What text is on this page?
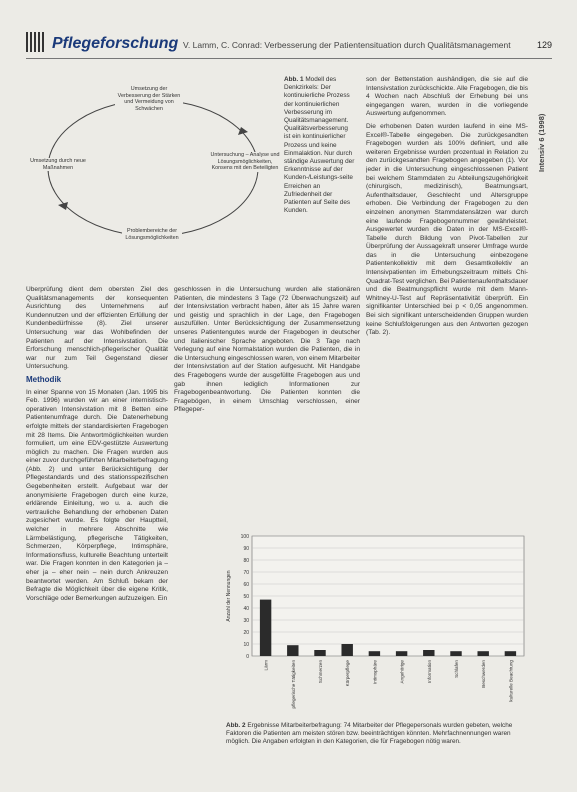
Pflegeforschung V. Lamm, C. Conrad: Verbesserung der Patientensituation durch Qualitätsmanagement	129
Intensiv 6 (1998)
Umsetzung der Verbesserung der Stärken und Vermeidung von Schwächen
Umsetzung durch neue Maßnahmen
Untersuchung – Analyse und Lösungsmöglichkeiten, Konsens mit den Beteiligten
Problembereiche der Lösungsmöglichkeiten
Abb. 1 Modell des Denkzirkels: Der kontinuierliche Prozess der kontinuierlichen Verbesserung im Qualitätsmanagement. Qualitätsverbesserung ist ein kontinuierlicher Prozess und keine Einmalaktion. Nur durch ständige Auswertung der Erkenntnisse auf der Kunden-/Leistungs-seite Erreichen an Zufriedenheit der Patienten auf Seite des Kunden.

Überprüfung dient dem obersten Ziel des Qualitätsmanagements der konsequenten Ausrichtung des Unternehmens auf Kundennutzen und der effizienten Erfüllung der Kundenbedürfnisse (8). Ziel unserer Untersuchung war das Wohlbefinden der Patienten auf der Intensivstation. Die Erforschung menschlich-pflegerischer Qualität war nur zum Teil Gegenstand dieser Untersuchung.

Methodik

In einer Spanne von 15 Monaten (Jan. 1995 bis Feb. 1996) wurden wir an einer internistisch-operativen Intensivstation mit 8 Betten eine Patientenumfrage durch. Die Datenerhebung erfolgte mittels der standardisierten Fragebogen mit 28 Items. Die Antwortmöglichkeiten wurden formuliert, um eine EDV-gestützte Auswertung möglich zu machen. Die Fragen wurden aus einer zuvor durchgeführten Mitarbeiterbefragung (Abb. 2) und unter Berücksichtigung der Pflegestandards und des stationsspezifischen Gegebenheiten erstellt. Aufgebaut war der anonymisierte Fragebogen durch eine kurze, erklärende Einleitung, wo u. a. auch die vertrauliche Behandlung der erhobenen Daten zugesichert wurde. Es folgte der Hauptteil, welcher in mehrere Abschnitte wie Lärmbelästigung, pflegerische Tätigkeiten, Schmerzen, Körperpflege, Intimsphäre, Informationsfluss, kulturelle Beachtung unterteilt war. Die Fragen konnten in den Kategorien ja – eher ja – eher nein – nein durch Ankreuzen beantwortet werden. Am Schluß bekam der Befragte die Möglichkeit über die eigene Kritik, Vorschläge oder Bemerkungen aufzuzeigen. Ein

geschlossen in die Untersuchung wurden alle stationären Patienten, die mindestens 3 Tage (72 Überwachungszeit) auf der Intensivstation verbracht haben, älter als 15 Jahre waren und geistig und sprachlich in der Lage, den Fragebogen auszufüllen. Unter Berücksichtigung der Zusammensetzung unseres Patientengutes wurde der Fragebogen in deutscher und italienischer Sprache angeboten. Die 3 Tage nach Verlegung auf eine Normalstation wurden die Patienten, die in die Untersuchung eingeschlossen waren, von einem Mitarbeiter der Intensivstation auf der Station aufgesucht. Mit Handgabe des Fragebogens wurde der ausgefüllte Fragebogen aus und gab ihnen lediglich Informationen zur Fragebogenbeantwortung. Die Patienten konnten die Fragebögen, in einem Umschlag verschlossen, einer Pflegeper-

son der Bettenstation aushändigen, die sie auf die Intensivstation zurückschickte. Alle Fragebogen, die bis 4 Wochen nach Abschluß der Erhebung bei uns eingegangen waren, wurden in die vorliegende Auswertung aufgenommen.

Die erhobenen Daten wurden laufend in eine MS-Excel®-Tabelle eingegeben. Die zurückgesandten Fragebogen wurden als 100% definiert, und alle weiteren Ergebnisse wurden prozentual in Relation zu den zurückgesandten Fragebogen angegeben (1). Vor jeder in die Untersuchung eingeschlossenen Patient bei welchem Stammdaten zu Abteilungszugehörigkeit (chirurgisch, medizinisch), Beatmungsart, Aufenthaltsdauer, Geschlecht und Altersgruppe erhoben. Die Verbindung der Fragebogen zu den einzelnen anonymen Stammdatensätzen war durch eine laufende Fragebogennummer gewährleistet. Ausgewertet wurden die Daten in der MS-Excel®-Tabelle durch Bildung von Pivot-Tabellen zur Überprüfung der Aussagekraft unserer Umfrage wurde das in die Untersuchung einbezogene Patientenkollektiv mit dem Gesamtkollektiv an Intensivpatienten im Erhebungszeitraum mittels Chi-Quadrat-Test verglichen. Bei Patientenaufenthaltsdauer und die Beatmungspflicht wurde mit dem Mann-Whitney-U-Test auf Repräsentativität überprüft. Ein signifikanter Unterschied bei p < 0,05 angenommen. Bei sich signifikant unterscheidenden Gruppen wurden keine Schlußfolgerungen aus den Antworten gezogen (Tab. 2).

0
10
20
30
40
50
60
70
80
90
100
Anzahl der Nennungen
Lärm	pflegerische Tätigkeiten	Schmerzen	Körperpflege	Intimsphäre	Angehörige	Information	Schlafen	Beschwerden	kulturelle Beachtung
Abb. 2 Ergebnisse Mitarbeiterbefragung: 74 Mitarbeiter der Pflegepersonals wurden gebeten, welche Faktoren die Patienten am meisten stören bzw. beeinträchtigen könnten. Mehrfachnennungen waren möglich. Die Angaben erfolgten in den Kategorien, die für Fragebogen nötig waren.
